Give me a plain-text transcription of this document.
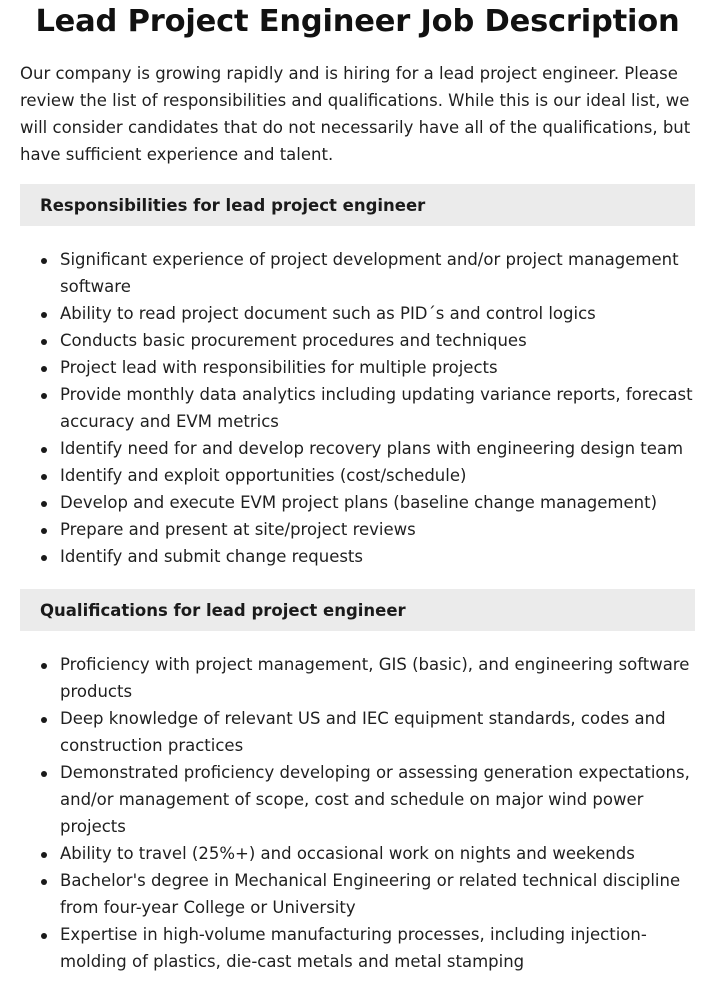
Lead Project Engineer Job Description

Our company is growing rapidly and is hiring for a lead project engineer. Please review the list of responsibilities and qualifications. While this is our ideal list, we will consider candidates that do not necessarily have all of the qualifications, but have sufficient experience and talent.

Responsibilities for lead project engineer
Significant experience of project development and/or project management software
Ability to read project document such as PID´s and control logics
Conducts basic procurement procedures and techniques
Project lead with responsibilities for multiple projects
Provide monthly data analytics including updating variance reports, forecast accuracy and EVM metrics
Identify need for and develop recovery plans with engineering design team
Identify and exploit opportunities (cost/schedule)
Develop and execute EVM project plans (baseline change management)
Prepare and present at site/project reviews
Identify and submit change requests
Qualifications for lead project engineer
Proficiency with project management, GIS (basic), and engineering software products
Deep knowledge of relevant US and IEC equipment standards, codes and construction practices
Demonstrated proficiency developing or assessing generation expectations, and/or management of scope, cost and schedule on major wind power projects
Ability to travel (25%+) and occasional work on nights and weekends
Bachelor's degree in Mechanical Engineering or related technical discipline from four-year College or University
Expertise in high-volume manufacturing processes, including injection-molding of plastics, die-cast metals and metal stamping
